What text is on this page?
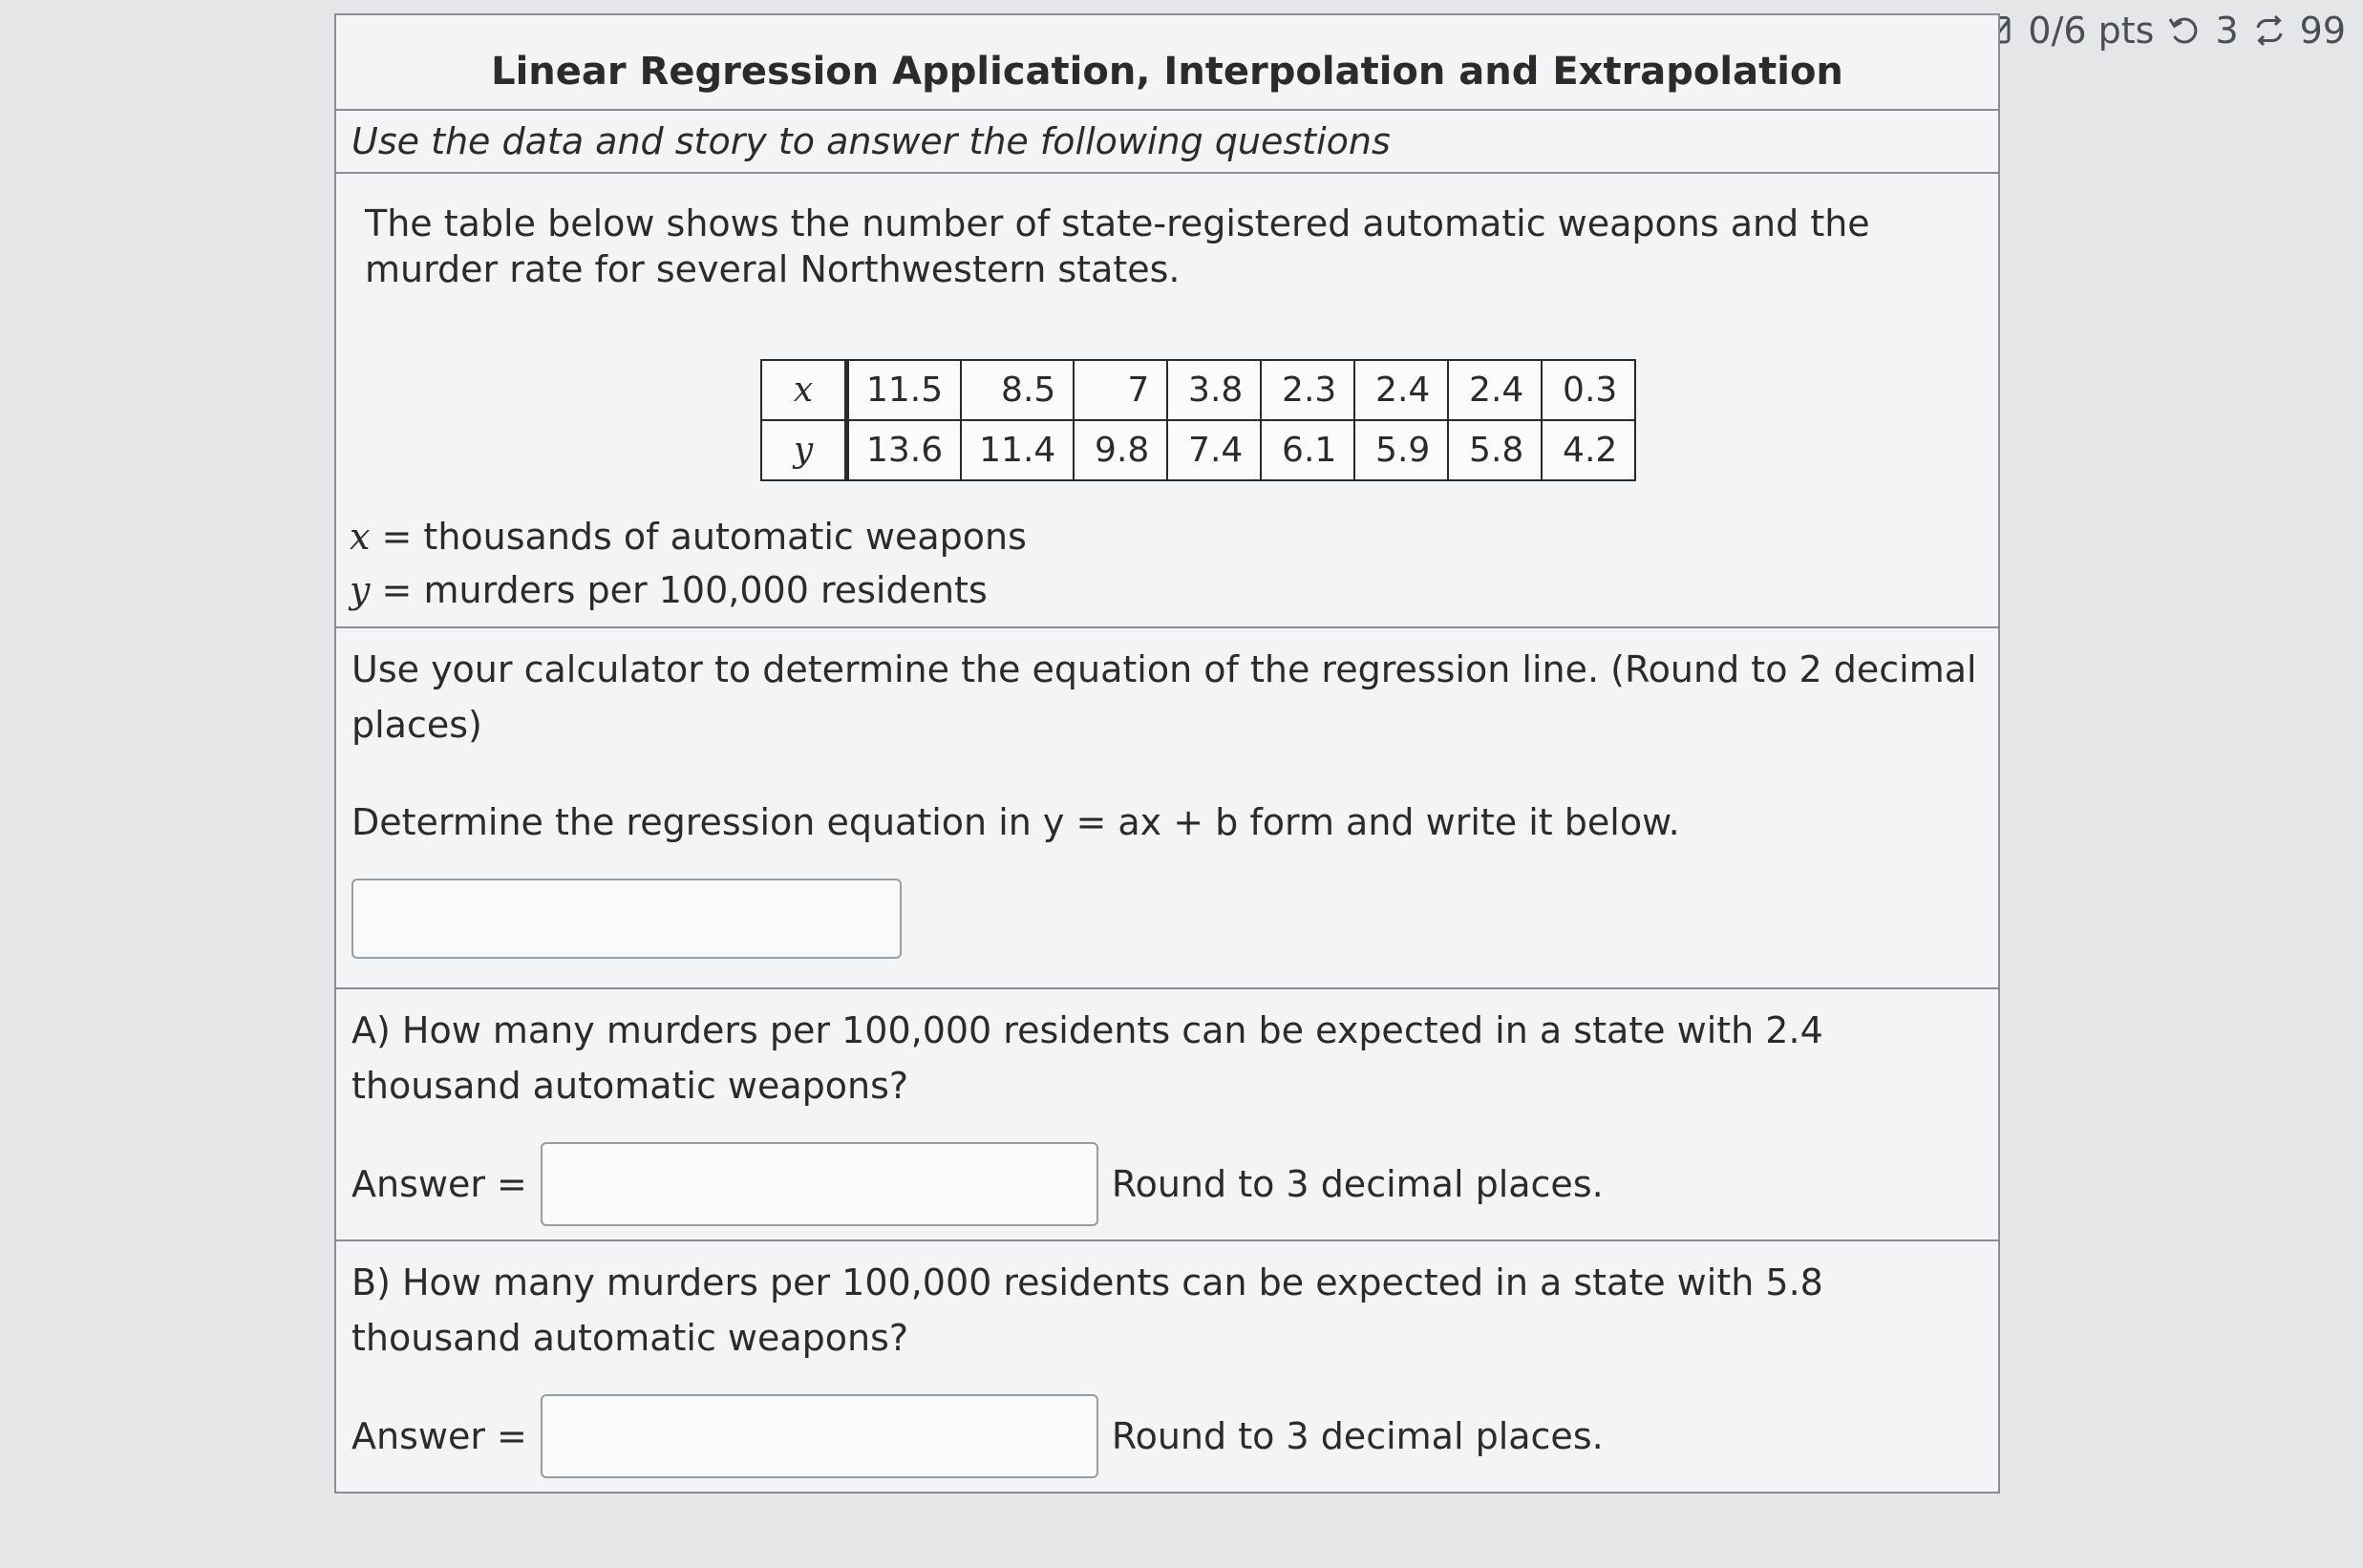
0/6 pts 3 99
Linear Regression Application, Interpolation and Extrapolation
Use the data and story to answer the following questions
The table below shows the number of state-registered automatic weapons and the murder rate for several Northwestern states.
x	11.5	8.5	7	3.8	2.3	2.4	2.4	0.3
y	13.6	11.4	9.8	7.4	6.1	5.9	5.8	4.2
x = thousands of automatic weapons
y = murders per 100,000 residents
Use your calculator to determine the equation of the regression line. (Round to 2 decimal places)
Determine the regression equation in y = ax + b form and write it below.
A) How many murders per 100,000 residents can be expected in a state with 2.4 thousand automatic weapons?
Answer =	Round to 3 decimal places.
B) How many murders per 100,000 residents can be expected in a state with 5.8 thousand automatic weapons?
Answer =	Round to 3 decimal places.
